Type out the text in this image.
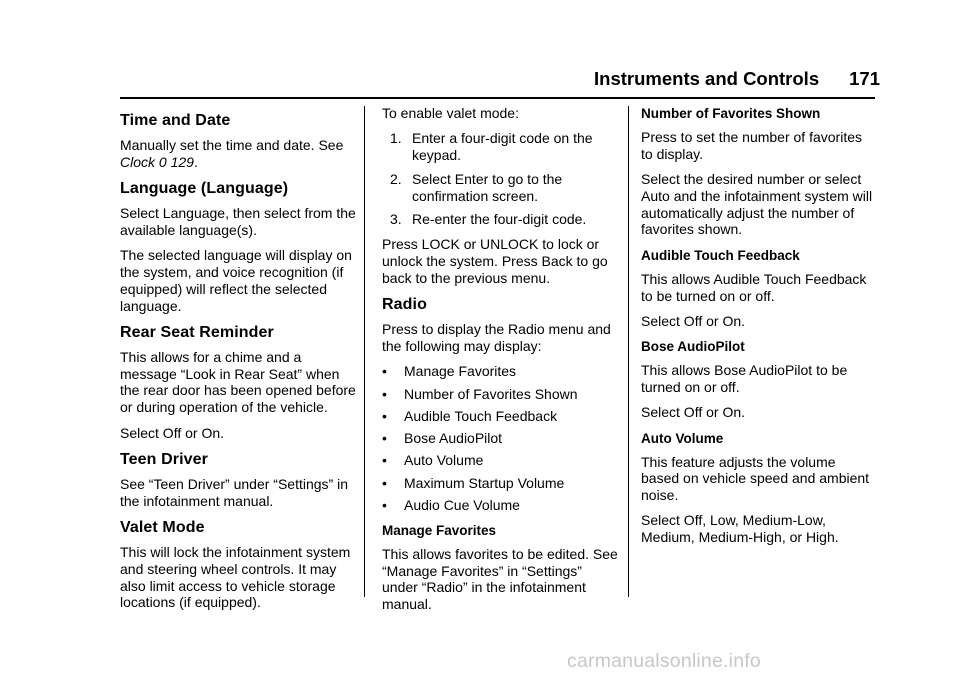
Instruments and Controls 171
Time and Date

Manually set the time and date. See
Clock 0 129.

Language (Language)

Select Language, then select from the available language(s).

The selected language will display on the system, and voice recognition (if equipped) will reflect the selected language.

Rear Seat Reminder

This allows for a chime and a message “Look in Rear Seat” when the rear door has been opened before or during operation of the vehicle.

Select Off or On.

Teen Driver

See “Teen Driver” under “Settings” in the infotainment manual.

Valet Mode

This will lock the infotainment system and steering wheel controls. It may also limit access to vehicle storage locations (if equipped).

To enable valet mode:

1. Enter a four-digit code on the keypad.
2. Select Enter to go to the confirmation screen.
3. Re-enter the four-digit code.

Press LOCK or UNLOCK to lock or unlock the system. Press Back to go back to the previous menu.

Radio

Press to display the Radio menu and the following may display:

• Manage Favorites
• Number of Favorites Shown
• Audible Touch Feedback
• Bose AudioPilot
• Auto Volume
• Maximum Startup Volume
• Audio Cue Volume
Manage Favorites

This allows favorites to be edited. See “Manage Favorites” in “Settings” under “Radio” in the infotainment manual.

Number of Favorites Shown

Press to set the number of favorites to display.

Select the desired number or select Auto and the infotainment system will automatically adjust the number of favorites shown.

Audible Touch Feedback

This allows Audible Touch Feedback to be turned on or off.

Select Off or On.

Bose AudioPilot

This allows Bose AudioPilot to be turned on or off.

Select Off or On.

Auto Volume

This feature adjusts the volume based on vehicle speed and ambient noise.

Select Off, Low, Medium-Low, Medium, Medium-High, or High.

carmanualsonline.info
